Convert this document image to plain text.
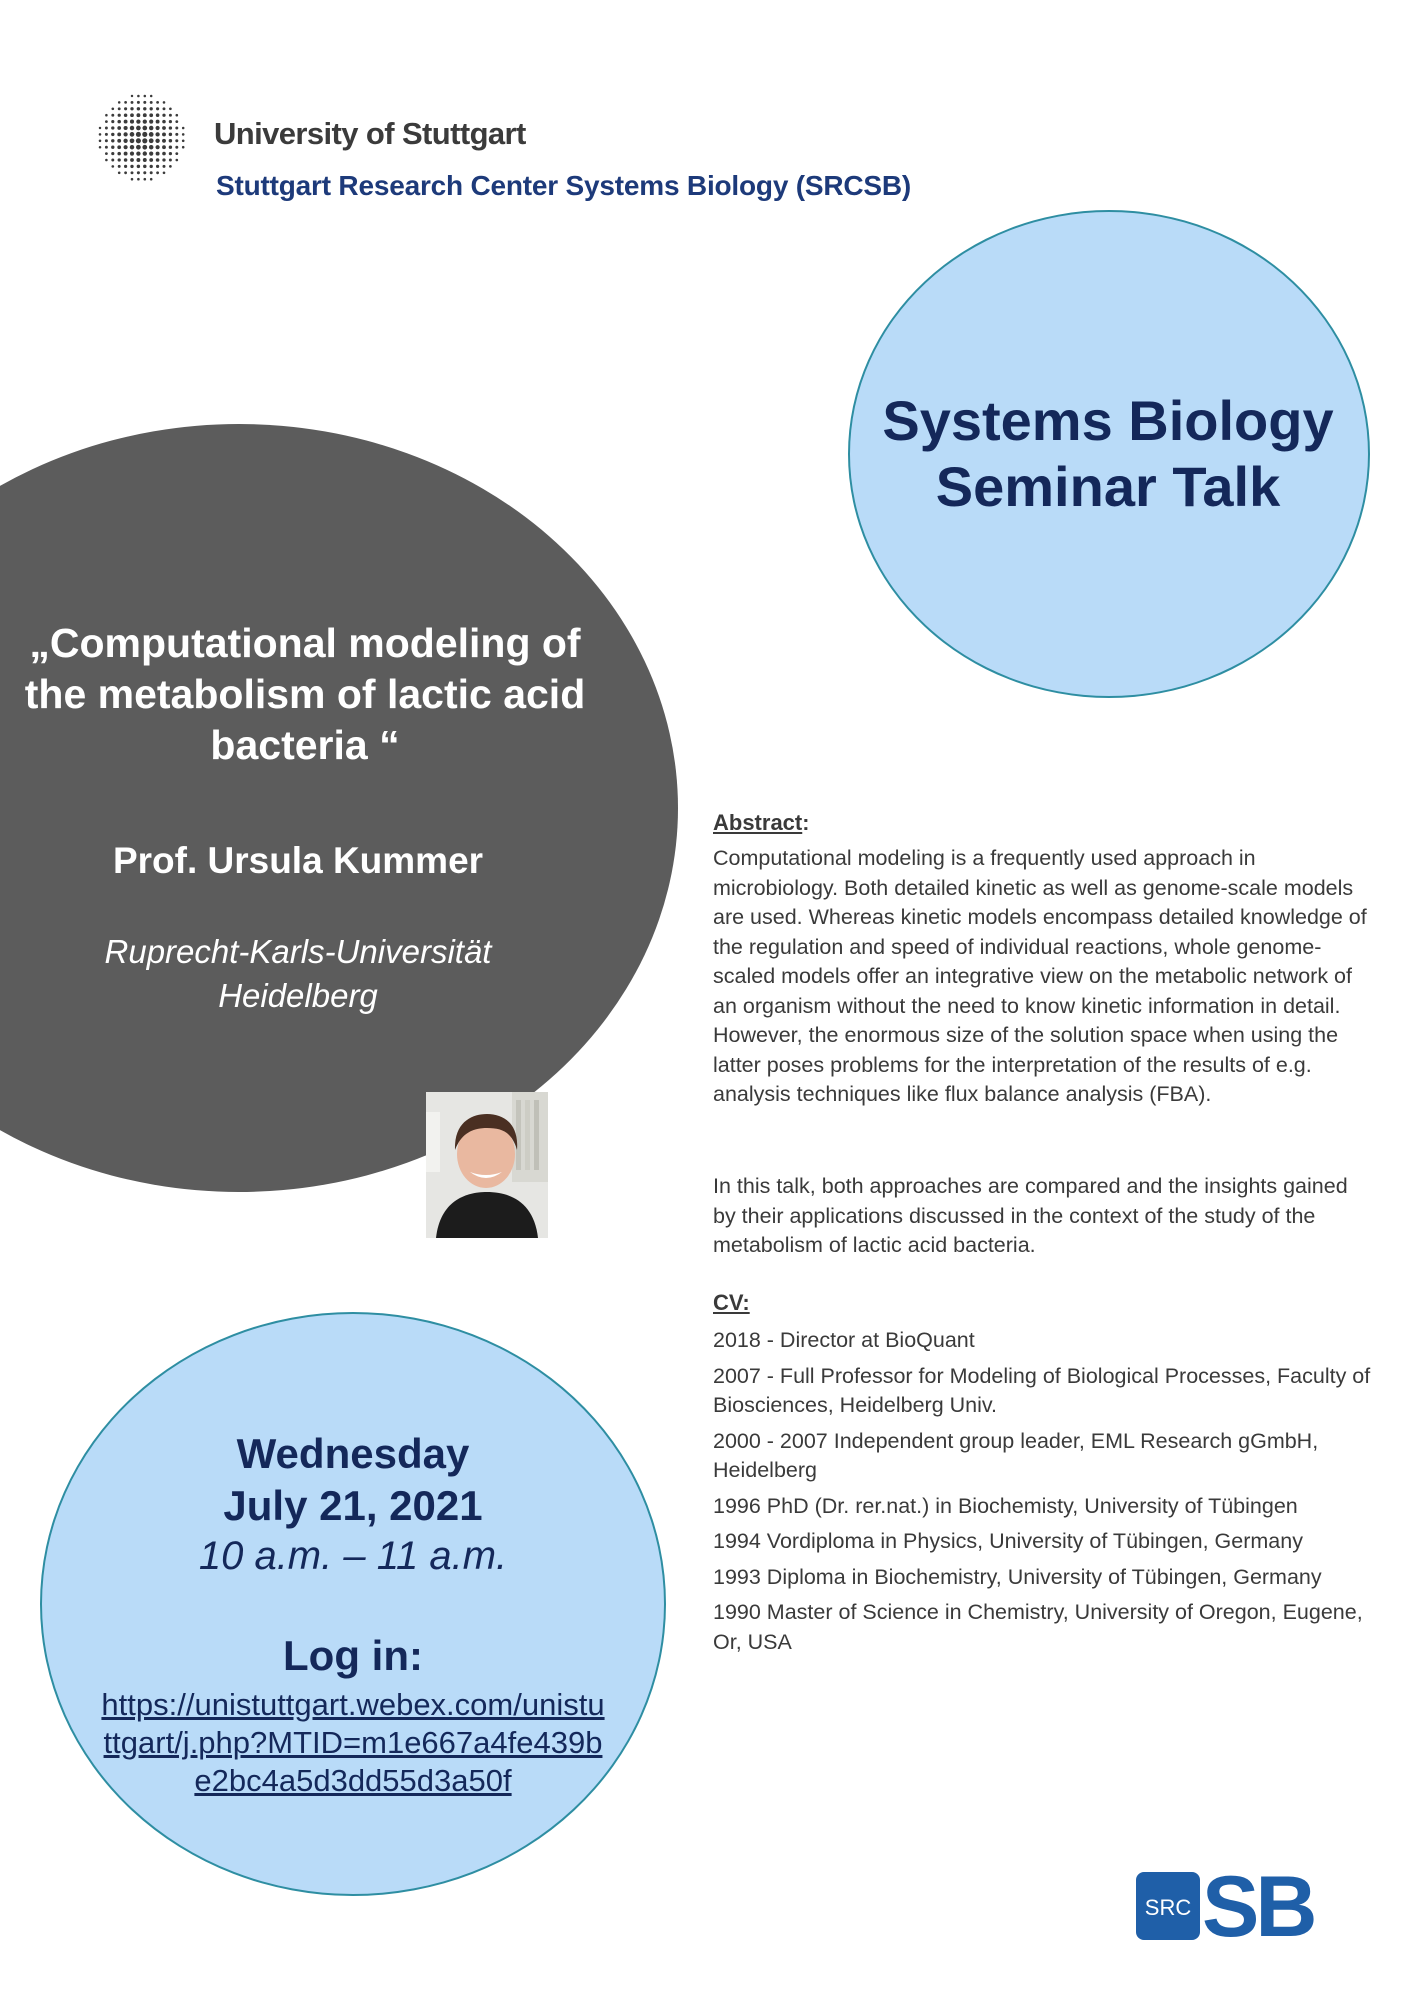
University of Stuttgart
Stuttgart Research Center Systems Biology (SRCSB)
Systems Biology
Seminar Talk
„Computational modeling of the metabolism of lactic acid bacteria “
Prof. Ursula Kummer
Ruprecht-Karls-Universität
Heidelberg
Wednesday
July 21, 2021
10 a.m. – 11 a.m.
Log in:
https://unistuttgart.webex.com/unistuttgart/j.php?MTID=m1e667a4fe439be2bc4a5d3dd55d3a50f
Abstract:
Computational modeling is a frequently used approach in microbiology. Both detailed kinetic as well as genome-scale models are used. Whereas kinetic models encompass detailed knowledge of the regulation and speed of individual reactions, whole genome-scaled models offer an integrative view on the metabolic network of an organism without the need to know kinetic information in detail. However, the enormous size of the solution space when using the latter poses problems for the interpretation of the results of e.g. analysis techniques like flux balance analysis (FBA).
In this talk, both approaches are compared and the insights gained by their applications discussed in the context of the study of the metabolism of lactic acid bacteria.
CV:
2018 - Director at BioQuant
2007 - Full Professor for Modeling of Biological Processes, Faculty of Biosciences, Heidelberg Univ.
2000 - 2007 Independent group leader, EML Research gGmbH, Heidelberg
1996 PhD (Dr. rer.nat.) in Biochemisty, University of Tübingen
1994 Vordiploma in Physics, University of Tübingen, Germany
1993 Diploma in Biochemistry, University of Tübingen, Germany
1990 Master of Science in Chemistry, University of Oregon, Eugene, Or, USA
SRC SB
